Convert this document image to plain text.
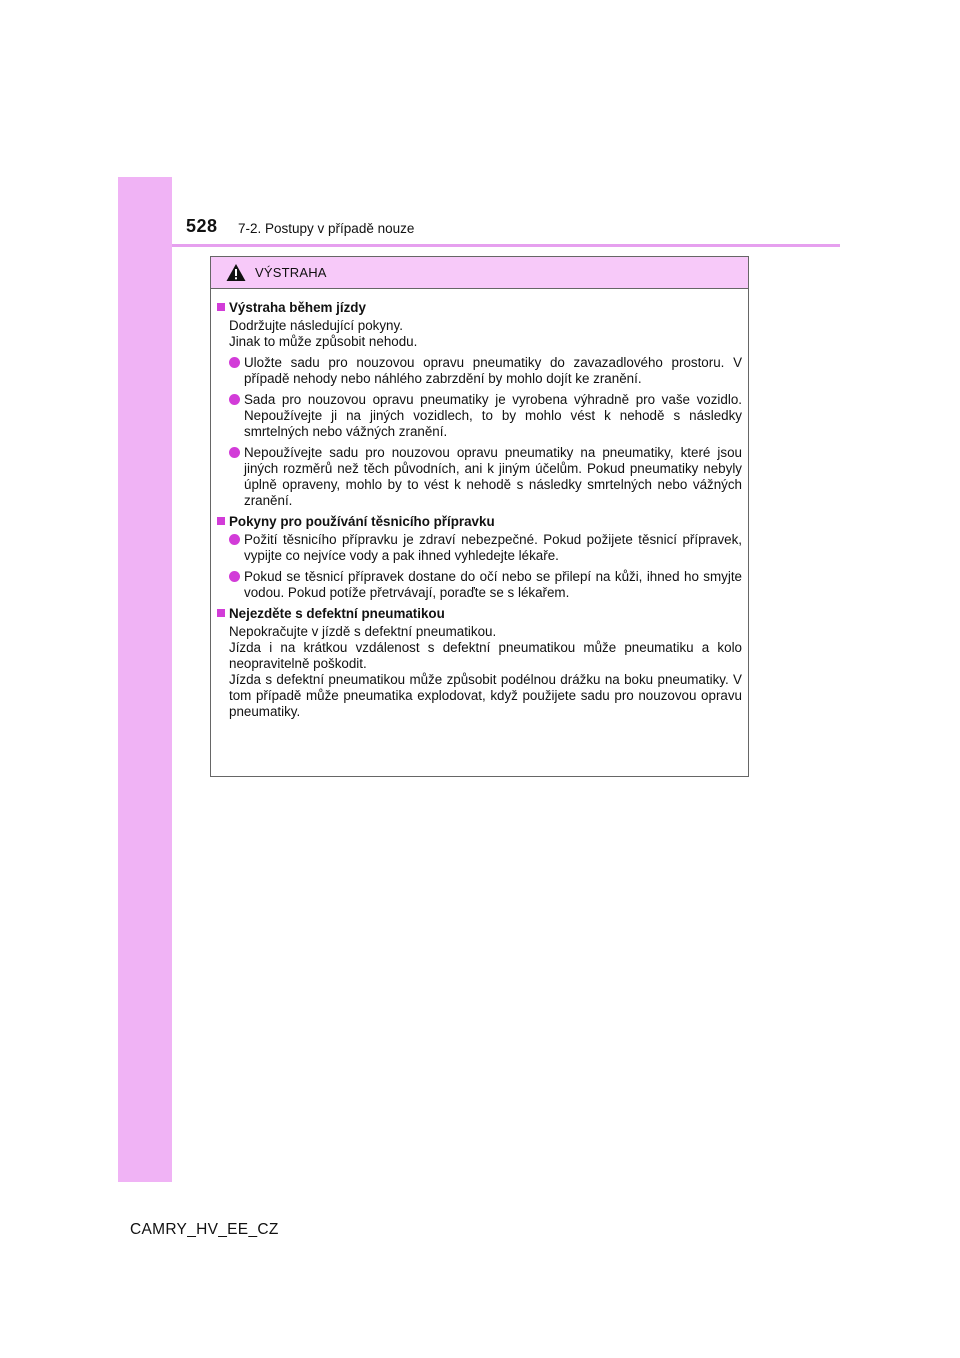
528 7-2. Postupy v případě nouze
VÝSTRAHA
Výstraha během jízdy

Dodržujte následující pokyny.

Jinak to může způsobit nehodu.

Uložte sadu pro nouzovou opravu pneumatiky do zavazadlového prostoru. V případě nehody nebo náhlého zabrzdění by mohlo dojít ke zranění.
Sada pro nouzovou opravu pneumatiky je vyrobena výhradně pro vaše vozidlo. Nepoužívejte ji na jiných vozidlech, to by mohlo vést k nehodě s následky smrtelných nebo vážných zranění.
Nepoužívejte sadu pro nouzovou opravu pneumatiky na pneumatiky, které jsou jiných rozměrů než těch původních, ani k jiným účelům. Pokud pneumatiky nebyly úplně opraveny, mohlo by to vést k nehodě s následky smrtelných nebo vážných zranění.
Pokyny pro používání těsnicího přípravku
Požití těsnicího přípravku je zdraví nebezpečné. Pokud požijete těsnicí přípravek, vypijte co nejvíce vody a pak ihned vyhledejte lékaře.
Pokud se těsnicí přípravek dostane do očí nebo se přilepí na kůži, ihned ho smyjte vodou. Pokud potíže přetrvávají, poraďte se s lékařem.
Nejezděte s defektní pneumatikou

Nepokračujte v jízdě s defektní pneumatikou.

Jízda i na krátkou vzdálenost s defektní pneumatikou může pneumatiku a kolo neopravitelně poškodit.

Jízda s defektní pneumatikou může způsobit podélnou drážku na boku pneumatiky. V tom případě může pneumatika explodovat, když použijete sadu pro nouzovou opravu pneumatiky.

CAMRY_HV_EE_CZ
